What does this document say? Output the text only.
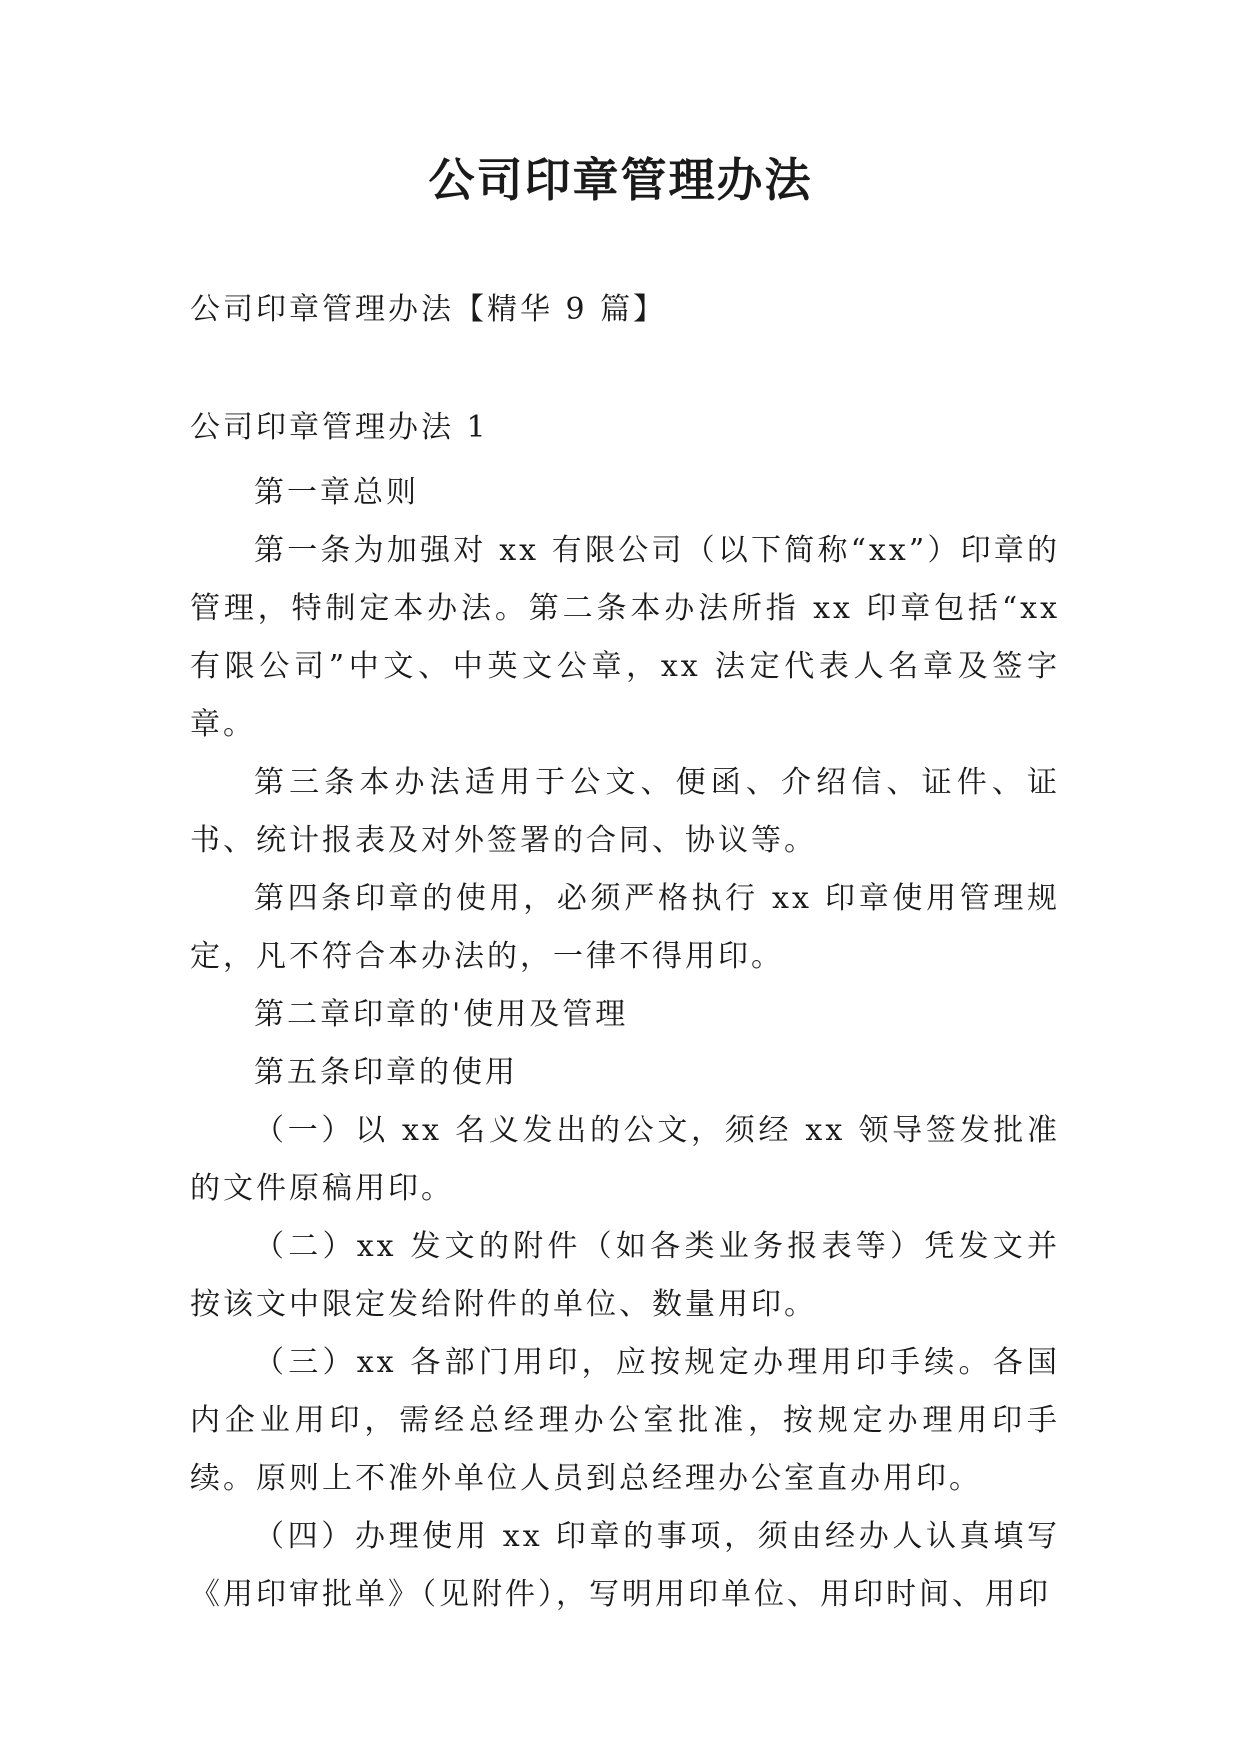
公司印章管理办法
公司印章管理办法【精华 9 篇】
公司印章管理办法 1

第一章总则

第一条为加强对 xx 有限公司（以下简称“xx”）印章的管理，特制定本办法。第二条本办法所指 xx 印章包括“xx 有限公司”中文、中英文公章，xx 法定代表人名章及签字章。

第三条本办法适用于公文、便函、介绍信、证件、证书、统计报表及对外签署的合同、协议等。

第四条印章的使用，必须严格执行 xx 印章使用管理规定，凡不符合本办法的，一律不得用印。

第二章印章的'使用及管理

第五条印章的使用

（一）以 xx 名义发出的公文，须经 xx 领导签发批准的文件原稿用印。

（二）xx 发文的附件（如各类业务报表等）凭发文并按该文中限定发给附件的单位、数量用印。

（三）xx 各部门用印，应按规定办理用印手续。各国内企业用印，需经总经理办公室批准，按规定办理用印手续。原则上不准外单位人员到总经理办公室直办用印。

（四）办理使用 xx 印章的事项，须由经办人认真填写《用印审批单》（见附件），写明用印单位、用印时间、用印
